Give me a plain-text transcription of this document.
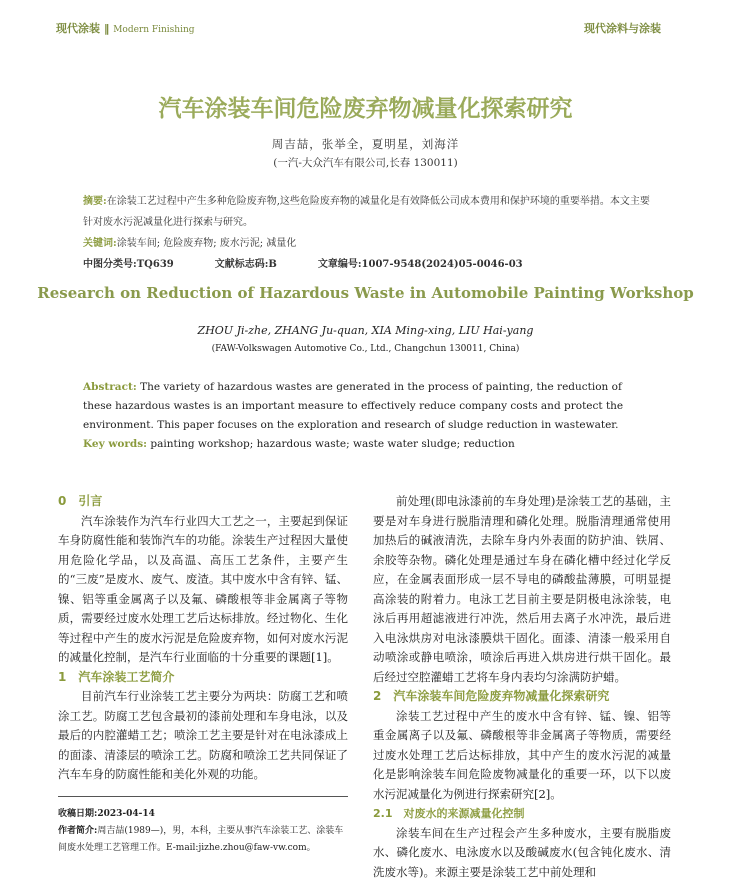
现代涂装 ‖ Modern Finishing	现代涂料与涂装
汽车涂装车间危险废弃物减量化探索研究
周吉喆，张举全，夏明星，刘海洋
(一汽-大众汽车有限公司,长春 130011)
摘要:在涂装工艺过程中产生多种危险废弃物,这些危险废弃物的减量化是有效降低公司成本费用和保护环境的重要举措。本文主要针对废水污泥减量化进行探索与研究。
关键词:涂装车间; 危险废弃物; 废水污泥; 减量化
中图分类号:TQ639	文献标志码:B	文章编号:1007-9548(2024)05-0046-03
Research on Reduction of Hazardous Waste in Automobile Painting Workshop
ZHOU Ji-zhe, ZHANG Ju-quan, XIA Ming-xing, LIU Hai-yang
(FAW-Volkswagen Automotive Co., Ltd., Changchun 130011, China)
Abstract: The variety of hazardous wastes are generated in the process of painting, the reduction of these hazardous wastes is an important measure to effectively reduce company costs and protect the environment. This paper focuses on the exploration and research of sludge reduction in wastewater.
Key words: painting workshop; hazardous waste; waste water sludge; reduction
0　引言

汽车涂装作为汽车行业四大工艺之一，主要起到保证车身防腐性能和装饰汽车的功能。涂装生产过程因大量使用危险化学品，以及高温、高压工艺条件，主要产生的“三废”是废水、废气、废渣。其中废水中含有锌、锰、镍、铝等重金属离子以及氟、磷酸根等非金属离子等物质，需要经过废水处理工艺后达标排放。经过物化、生化等过程中产生的废水污泥是危险废弃物，如何对废水污泥的减量化控制，是汽车行业面临的十分重要的课题[1]。

1　汽车涂装工艺简介

目前汽车行业涂装工艺主要分为两块：防腐工艺和喷涂工艺。防腐工艺包含最初的漆前处理和车身电泳，以及最后的内腔灌蜡工艺；喷涂工艺主要是针对在电泳漆成上的面漆、清漆层的喷涂工艺。防腐和喷涂工艺共同保证了汽车车身的防腐性能和美化外观的功能。

前处理(即电泳漆前的车身处理)是涂装工艺的基础，主要是对车身进行脱脂清理和磷化处理。脱脂清理通常使用加热后的碱液清洗，去除车身内外表面的防护油、铁屑、余胶等杂物。磷化处理是通过车身在磷化槽中经过化学反应，在金属表面形成一层不导电的磷酸盐薄膜，可明显提高涂装的附着力。电泳工艺目前主要是阴极电泳涂装，电泳后再用超滤液进行冲洗，然后用去离子水冲洗，最后进入电泳烘房对电泳漆膜烘干固化。面漆、清漆一般采用自动喷涂或静电喷涂，喷涂后再进入烘房进行烘干固化。最后经过空腔灌蜡工艺将车身内表均匀涂满防护蜡。

2　汽车涂装车间危险废弃物减量化探索研究

涂装工艺过程中产生的废水中含有锌、锰、镍、铝等重金属离子以及氟、磷酸根等非金属离子等物质，需要经过废水处理工艺后达标排放，其中产生的废水污泥的减量化是影响涂装车间危险废物减量化的重要一环，以下以废水污泥减量化为例进行探索研究[2]。

2.1　对废水的来源减量化控制

涂装车间在生产过程会产生多种废水，主要有脱脂废水、磷化废水、电泳废水以及酸碱废水(包含钝化废水、清洗废水等)。来源主要是涂装工艺中前处理和

收稿日期:2023-04-14
作者简介:周吉喆(1989—)，男，本科，主要从事汽车涂装工艺、涂装车间废水处理工艺管理工作。E-mail:jizhe.zhou@faw-vw.com。
